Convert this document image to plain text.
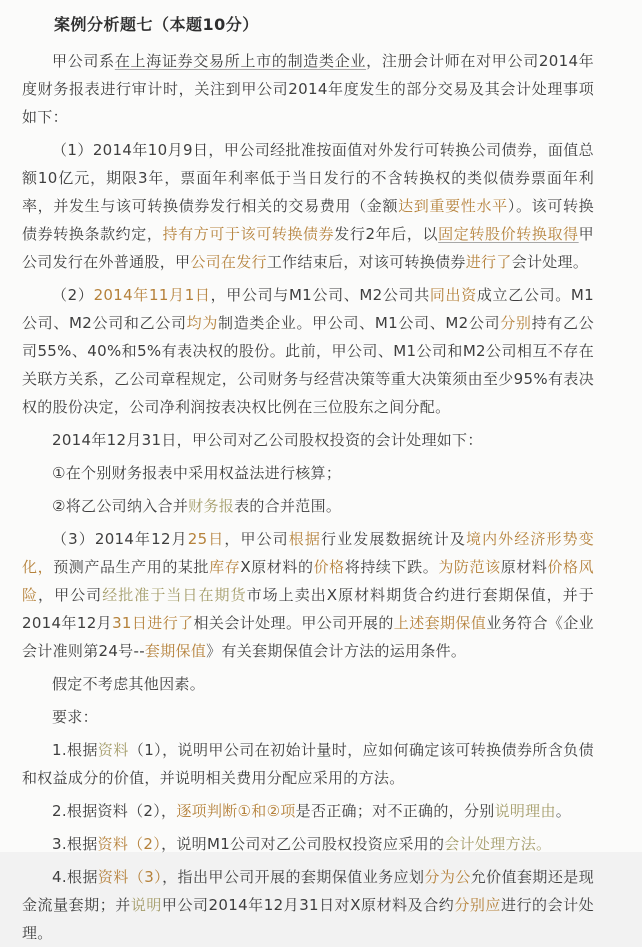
案例分析题七（本题10分）

甲公司系在上海证券交易所上市的制造类企业，注册会计师在对甲公司2014年度财务报表进行审计时，关注到甲公司2014年度发生的部分交易及其会计处理事项如下：

（1）2014年10月9日，甲公司经批准按面值对外发行可转换公司债券，面值总额10亿元，期限3年，票面年利率低于当日发行的不含转换权的类似债券票面年利率，并发生与该可转换债券发行相关的交易费用（金额达到重要性水平）。该可转换债券转换条款约定，持有方可于该可转换债券发行2年后，以固定转股价转换取得甲公司发行在外普通股，甲公司在发行工作结束后，对该可转换债券进行了会计处理。

（2）2014年11月1日，甲公司与M1公司、M2公司共同出资成立乙公司。M1公司、M2公司和乙公司均为制造类企业。甲公司、M1公司、M2公司分别持有乙公司55%、40%和5%有表决权的股份。此前，甲公司、M1公司和M2公司相互不存在关联方关系，乙公司章程规定，公司财务与经营决策等重大决策须由至少95%有表决权的股份决定，公司净利润按表决权比例在三位股东之间分配。

2014年12月31日，甲公司对乙公司股权投资的会计处理如下：

①在个别财务报表中采用权益法进行核算；

②将乙公司纳入合并财务报表的合并范围。

（3）2014年12月25日，甲公司根据行业发展数据统计及境内外经济形势变化，预测产品生产用的某批库存X原材料的价格将持续下跌。为防范该原材料价格风险，甲公司经批准于当日在期货市场上卖出X原材料期货合约进行套期保值，并于2014年12月31日进行了相关会计处理。甲公司开展的上述套期保值业务符合《企业会计准则第24号--套期保值》有关套期保值会计方法的运用条件。

假定不考虑其他因素。

要求：

1.根据资料（1），说明甲公司在初始计量时，应如何确定该可转换债券所含负债和权益成分的价值，并说明相关费用分配应采用的方法。

2.根据资料（2），逐项判断①和②项是否正确；对不正确的，分别说明理由。

3.根据资料（2），说明M1公司对乙公司股权投资应采用的会计处理方法。

4.根据资料（3），指出甲公司开展的套期保值业务应划分为公允价值套期还是现金流量套期；并说明甲公司2014年12月31日对X原材料及合约分别应进行的会计处理。
